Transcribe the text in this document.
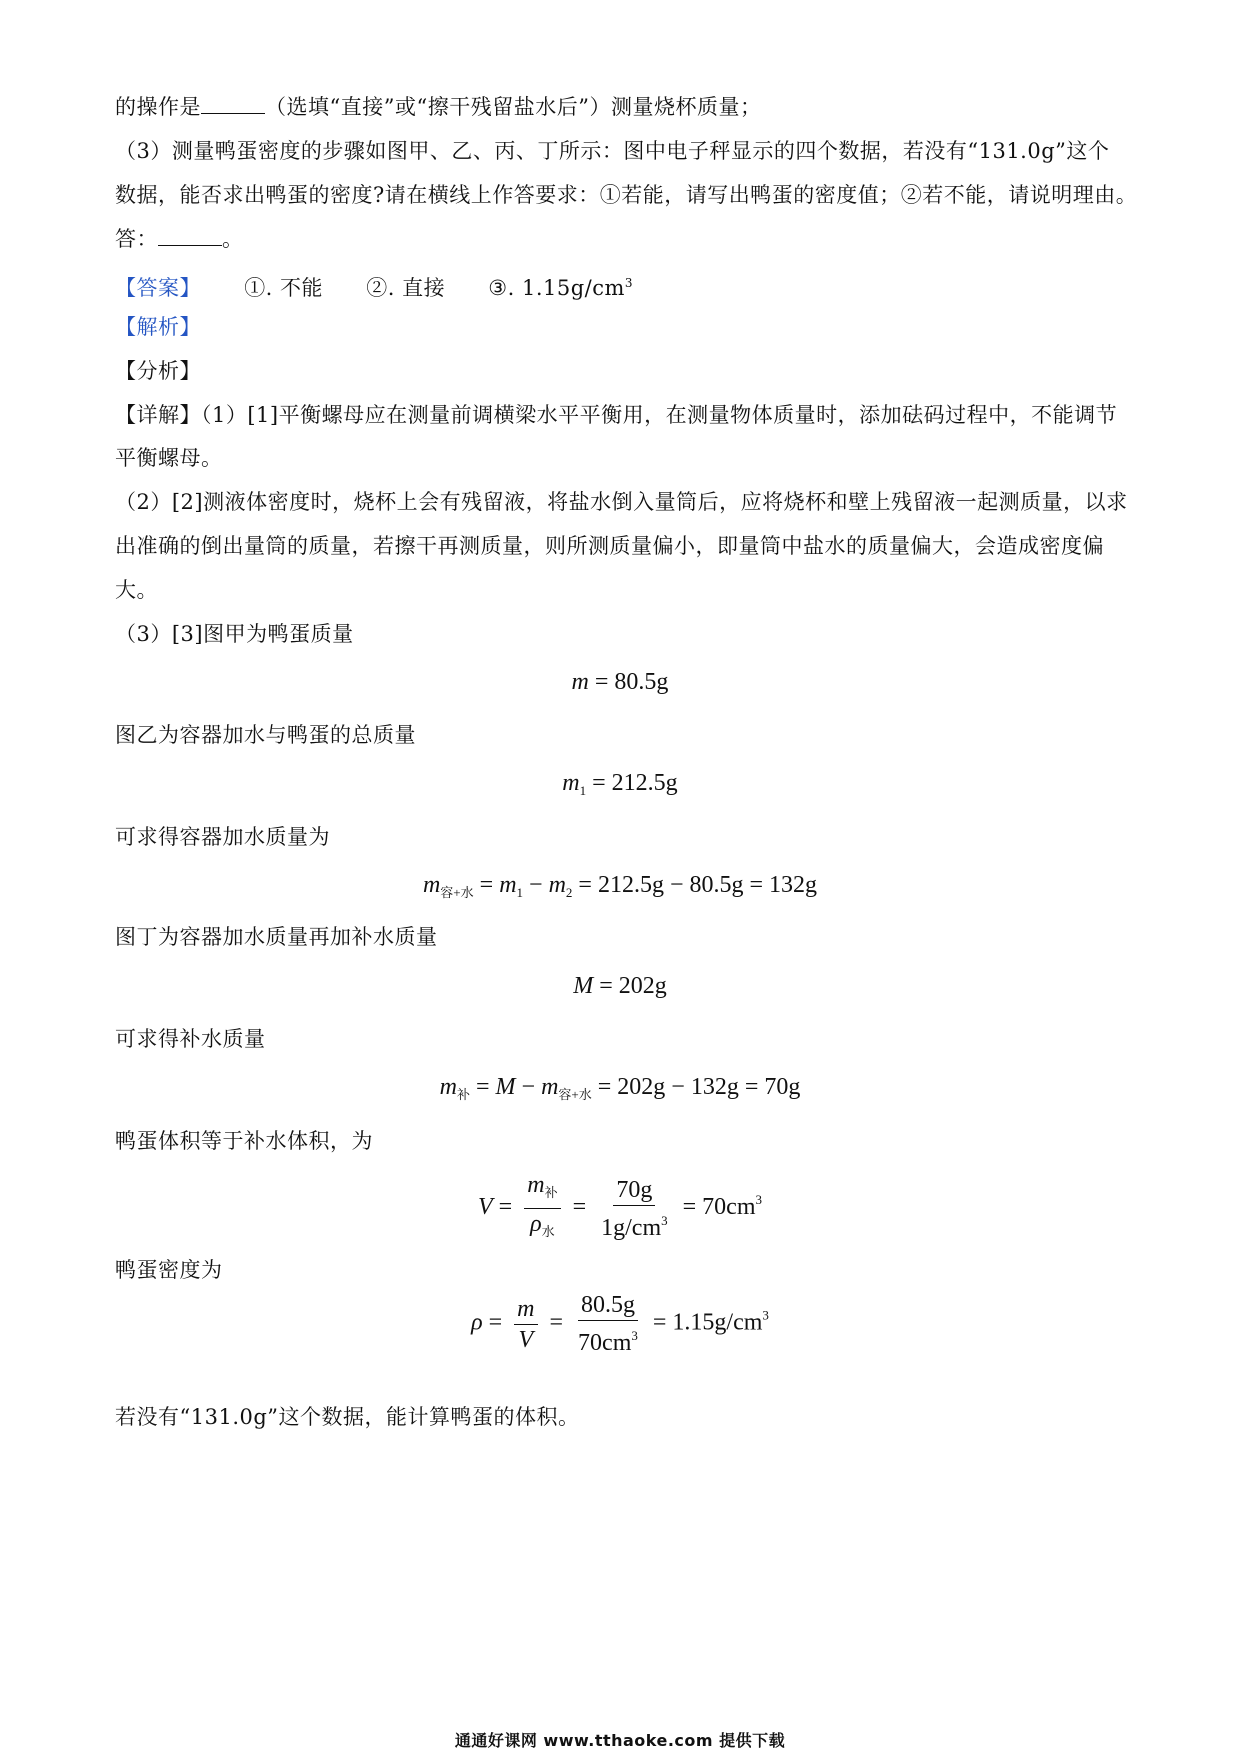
的操作是	（选填“直接”或“擦干残留盐水后”）测量烧杯质量；
（3）测量鸭蛋密度的步骤如图甲、乙、丙、丁所示：图中电子秤显示的四个数据，若没有“131.0g”这个
数据，能否求出鸭蛋的密度?请在横线上作答要求：①若能，请写出鸭蛋的密度值；②若不能，请说明理由。
答：	。
【答案】 ①. 不能 ②. 直接 ③. $1.15g/cm^3$
【解析】
【分析】
【详解】（1）[1]平衡螺母应在测量前调横梁水平平衡用，在测量物体质量时，添加砝码过程中，不能调节
平衡螺母。
（2）[2]测液体密度时，烧杯上会有残留液，将盐水倒入量筒后，应将烧杯和壁上残留液一起测质量，以求
出准确的倒出量筒的质量，若擦干再测质量，则所测质量偏小，即量筒中盐水的质量偏大，会造成密度偏
大。
（3）[3]图甲为鸭蛋质量
m = 80.5g
图乙为容器加水与鸭蛋的总质量
$m_1 = 212.5g$
可求得容器加水质量为
$m_{容+水} = m_1 - m_2 = 212.5g - 80.5g = 132g$
图丁为容器加水质量再加补水质量
M = 202g
可求得补水质量
$m_补 = M - m_{容+水} = 202g - 132g = 70g$
鸭蛋体积等于补水体积，为
$V = \frac{m_补}{\rho_水} = \frac{70g}{1g/cm^3} = 70cm^3$
鸭蛋密度为
$\rho = \frac{m}{V} = \frac{80.5g}{70cm^3} = 1.15g/cm^3$
若没有“131.0g”这个数据，能计算鸭蛋的体积。
通通好课网 www.tthaoke.com 提供下载
